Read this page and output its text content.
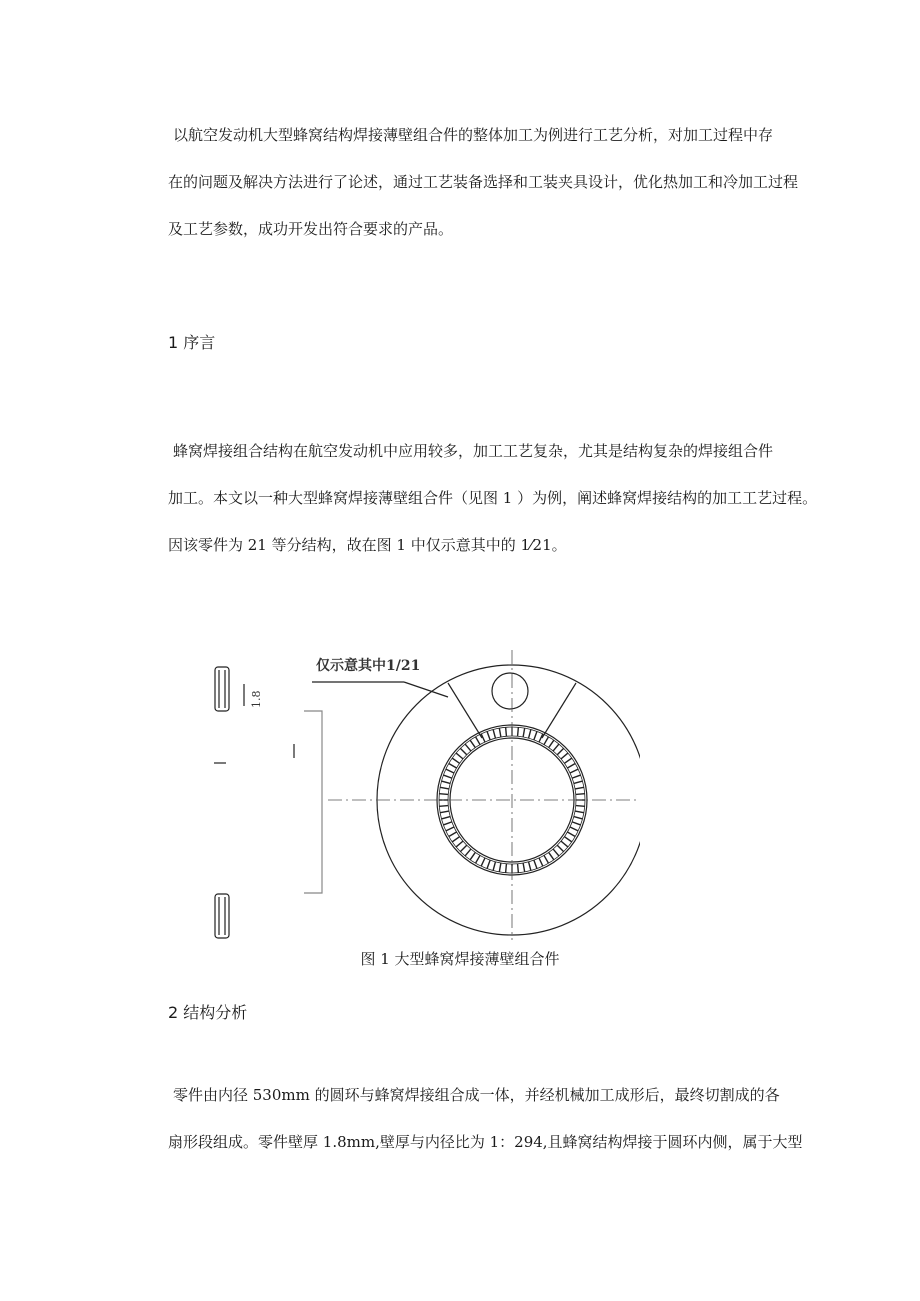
以航空发动机大型蜂窝结构焊接薄壁组合件的整体加工为例进行工艺分析，对加工过程中存
在的问题及解决方法进行了论述，通过工艺装备选择和工装夹具设计，优化热加工和冷加工过程
及工艺参数，成功开发出符合要求的产品。
1 序言
蜂窝焊接组合结构在航空发动机中应用较多，加工工艺复杂，尤其是结构复杂的焊接组合件
加工。本文以一种大型蜂窝焊接薄壁组合件（见图 1 ）为例，阐述蜂窝焊接结构的加工工艺过程。
因该零件为 21 等分结构，故在图 1 中仅示意其中的 1⁄21。
仅示意其中1/21
1.8
图 1 大型蜂窝焊接薄壁组合件
2 结构分析
零件由内径 530mm 的圆环与蜂窝焊接组合成一体，并经机械加工成形后，最终切割成的各
扇形段组成。零件壁厚 1.8mm,壁厚与内径比为 1：294,且蜂窝结构焊接于圆环内侧，属于大型
